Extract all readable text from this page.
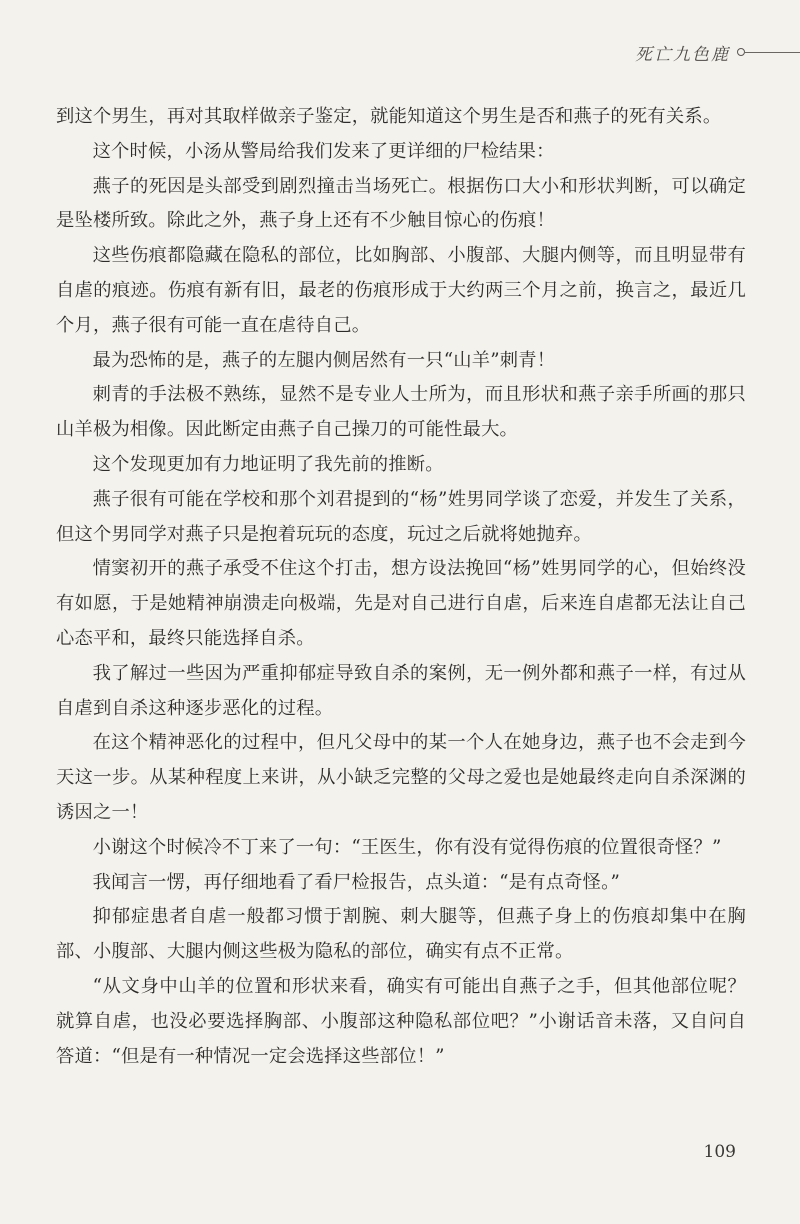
死亡九色鹿

到这个男生，再对其取样做亲子鉴定，就能知道这个男生是否和燕子的死有关系。

这个时候，小汤从警局给我们发来了更详细的尸检结果：

燕子的死因是头部受到剧烈撞击当场死亡。根据伤口大小和形状判断，可以确定是坠楼所致。除此之外，燕子身上还有不少触目惊心的伤痕！

这些伤痕都隐藏在隐私的部位，比如胸部、小腹部、大腿内侧等，而且明显带有自虐的痕迹。伤痕有新有旧，最老的伤痕形成于大约两三个月之前，换言之，最近几个月，燕子很有可能一直在虐待自己。

最为恐怖的是，燕子的左腿内侧居然有一只“山羊”刺青！

刺青的手法极不熟练，显然不是专业人士所为，而且形状和燕子亲手所画的那只山羊极为相像。因此断定由燕子自己操刀的可能性最大。

这个发现更加有力地证明了我先前的推断。

燕子很有可能在学校和那个刘君提到的“杨”姓男同学谈了恋爱，并发生了关系，但这个男同学对燕子只是抱着玩玩的态度，玩过之后就将她抛弃。

情窦初开的燕子承受不住这个打击，想方设法挽回“杨”姓男同学的心，但始终没有如愿，于是她精神崩溃走向极端，先是对自己进行自虐，后来连自虐都无法让自己心态平和，最终只能选择自杀。

我了解过一些因为严重抑郁症导致自杀的案例，无一例外都和燕子一样，有过从自虐到自杀这种逐步恶化的过程。

在这个精神恶化的过程中，但凡父母中的某一个人在她身边，燕子也不会走到今天这一步。从某种程度上来讲，从小缺乏完整的父母之爱也是她最终走向自杀深渊的诱因之一！

小谢这个时候冷不丁来了一句：“王医生，你有没有觉得伤痕的位置很奇怪？”

我闻言一愣，再仔细地看了看尸检报告，点头道：“是有点奇怪。”

抑郁症患者自虐一般都习惯于割腕、刺大腿等，但燕子身上的伤痕却集中在胸部、小腹部、大腿内侧这些极为隐私的部位，确实有点不正常。

“从文身中山羊的位置和形状来看，确实有可能出自燕子之手，但其他部位呢？就算自虐，也没必要选择胸部、小腹部这种隐私部位吧？”小谢话音未落，又自问自答道：“但是有一种情况一定会选择这些部位！”

109
